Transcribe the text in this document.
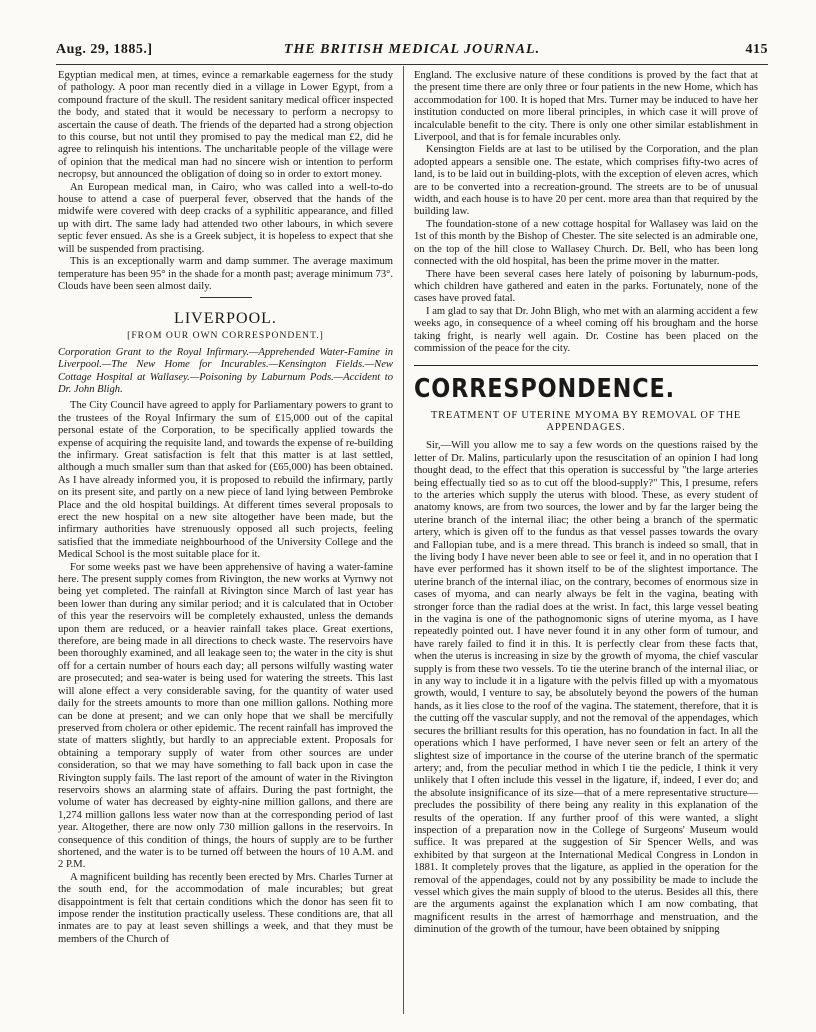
Aug. 29, 1885.]	THE BRITISH MEDICAL JOURNAL.	415

Egyptian medical men, at times, evince a remarkable eagerness for the study of pathology. A poor man recently died in a village in Lower Egypt, from a compound fracture of the skull. The resident sanitary medical officer inspected the body, and stated that it would be necessary to perform a necropsy to ascertain the cause of death. The friends of the departed had a strong objection to this course, but not until they promised to pay the medical man £2, did he agree to relinquish his intentions. The uncharitable people of the village were of opinion that the medical man had no sincere wish or intention to perform necropsy, but announced the obligation of doing so in order to extort money.

An European medical man, in Cairo, who was called into a well-to-do house to attend a case of puerperal fever, observed that the hands of the midwife were covered with deep cracks of a syphilitic appearance, and filled up with dirt. The same lady had attended two other labours, in which severe septic fever ensued. As she is a Greek subject, it is hopeless to expect that she will be suspended from practising.

This is an exceptionally warm and damp summer. The average maximum temperature has been 95° in the shade for a month past; average minimum 73°. Clouds have been seen almost daily.

LIVERPOOL.
[FROM OUR OWN CORRESPONDENT.]

Corporation Grant to the Royal Infirmary.—Apprehended Water-Famine in Liverpool.—The New Home for Incurables.—Kensington Fields.—New Cottage Hospital at Wallasey.—Poisoning by Laburnum Pods.—Accident to Dr. John Bligh.

The City Council have agreed to apply for Parliamentary powers to grant to the trustees of the Royal Infirmary the sum of £15,000 out of the capital personal estate of the Corporation, to be specifically applied towards the expense of acquiring the requisite land, and towards the expense of re-building the infirmary. Great satisfaction is felt that this matter is at last settled, although a much smaller sum than that asked for (£65,000) has been obtained. As I have already informed you, it is proposed to rebuild the infirmary, partly on its present site, and partly on a new piece of land lying between Pembroke Place and the old hospital buildings. At different times several proposals to erect the new hospital on a new site altogether have been made, but the infirmary authorities have strenuously opposed all such projects, feeling satisfied that the immediate neighbourhood of the University College and the Medical School is the most suitable place for it.

For some weeks past we have been apprehensive of having a water-famine here. The present supply comes from Rivington, the new works at Vyrnwy not being yet completed. The rainfall at Rivington since March of last year has been lower than during any similar period; and it is calculated that in October of this year the reservoirs will be completely exhausted, unless the demands upon them are reduced, or a heavier rainfall takes place. Great exertions, therefore, are being made in all directions to check waste. The reservoirs have been thoroughly examined, and all leakage seen to; the water in the city is shut off for a certain number of hours each day; all persons wilfully wasting water are prosecuted; and sea-water is being used for watering the streets. This last will alone effect a very considerable saving, for the quantity of water used daily for the streets amounts to more than one million gallons. Nothing more can be done at present; and we can only hope that we shall be mercifully preserved from cholera or other epidemic. The recent rainfall has improved the state of matters slightly, but hardly to an appreciable extent. Proposals for obtaining a temporary supply of water from other sources are under consideration, so that we may have something to fall back upon in case the Rivington supply fails. The last report of the amount of water in the Rivington reservoirs shows an alarming state of affairs. During the past fortnight, the volume of water has decreased by eighty-nine million gallons, and there are 1,274 million gallons less water now than at the corresponding period of last year. Altogether, there are now only 730 million gallons in the reservoirs. In consequence of this condition of things, the hours of supply are to be further shortened, and the water is to be turned off between the hours of 10 A.M. and 2 P.M.

A magnificent building has recently been erected by Mrs. Charles Turner at the south end, for the accommodation of male incurables; but great disappointment is felt that certain conditions which the donor has seen fit to impose render the institution practically useless. These conditions are, that all inmates are to pay at least seven shillings a week, and that they must be members of the Church of

England. The exclusive nature of these conditions is proved by the fact that at the present time there are only three or four patients in the new Home, which has accommodation for 100. It is hoped that Mrs. Turner may be induced to have her institution conducted on more liberal principles, in which case it will prove of incalculable benefit to the city. There is only one other similar establishment in Liverpool, and that is for female incurables only.

Kensington Fields are at last to be utilised by the Corporation, and the plan adopted appears a sensible one. The estate, which comprises fifty-two acres of land, is to be laid out in building-plots, with the exception of eleven acres, which are to be converted into a recreation-ground. The streets are to be of unusual width, and each house is to have 20 per cent. more area than that required by the building law.

The foundation-stone of a new cottage hospital for Wallasey was laid on the 1st of this month by the Bishop of Chester. The site selected is an admirable one, on the top of the hill close to Wallasey Church. Dr. Bell, who has been long connected with the old hospital, has been the prime mover in the matter.

There have been several cases here lately of poisoning by laburnum-pods, which children have gathered and eaten in the parks. Fortunately, none of the cases have proved fatal.

I am glad to say that Dr. John Bligh, who met with an alarming accident a few weeks ago, in consequence of a wheel coming off his brougham and the horse taking fright, is nearly well again. Dr. Costine has been placed on the commission of the peace for the city.

CORRESPONDENCE.
TREATMENT OF UTERINE MYOMA BY REMOVAL OF THE APPENDAGES.

Sir,—Will you allow me to say a few words on the questions raised by the letter of Dr. Malins, particularly upon the resuscitation of an opinion I had long thought dead, to the effect that this operation is successful by "the large arteries being effectually tied so as to cut off the blood-supply?" This, I presume, refers to the arteries which supply the uterus with blood. These, as every student of anatomy knows, are from two sources, the lower and by far the larger being the uterine branch of the internal iliac; the other being a branch of the spermatic artery, which is given off to the fundus as that vessel passes towards the ovary and Fallopian tube, and is a mere thread. This branch is indeed so small, that in the living body I have never been able to see or feel it, and in no operation that I have ever performed has it shown itself to be of the slightest importance. The uterine branch of the internal iliac, on the contrary, becomes of enormous size in cases of myoma, and can nearly always be felt in the vagina, beating with stronger force than the radial does at the wrist. In fact, this large vessel beating in the vagina is one of the pathognomonic signs of uterine myoma, as I have repeatedly pointed out. I have never found it in any other form of tumour, and have rarely failed to find it in this. It is perfectly clear from these facts that, when the uterus is increasing in size by the growth of myoma, the chief vascular supply is from these two vessels. To tie the uterine branch of the internal iliac, or in any way to include it in a ligature with the pelvis filled up with a myomatous growth, would, I venture to say, be absolutely beyond the powers of the human hands, as it lies close to the roof of the vagina. The statement, therefore, that it is the cutting off the vascular supply, and not the removal of the appendages, which secures the brilliant results for this operation, has no foundation in fact. In all the operations which I have performed, I have never seen or felt an artery of the slightest size of importance in the course of the uterine branch of the spermatic artery; and, from the peculiar method in which I tie the pedicle, I think it very unlikely that I often include this vessel in the ligature, if, indeed, I ever do; and the absolute insignificance of its size—that of a mere representative structure—precludes the possibility of there being any reality in this explanation of the results of the operation. If any further proof of this were wanted, a slight inspection of a preparation now in the College of Surgeons' Museum would suffice. It was prepared at the suggestion of Sir Spencer Wells, and was exhibited by that surgeon at the International Medical Congress in London in 1881. It completely proves that the ligature, as applied in the operation for the removal of the appendages, could not by any possibility be made to include the vessel which gives the main supply of blood to the uterus. Besides all this, there are the arguments against the explanation which I am now combating, that magnificent results in the arrest of hæmorrhage and menstruation, and the diminution of the growth of the tumour, have been obtained by snipping
